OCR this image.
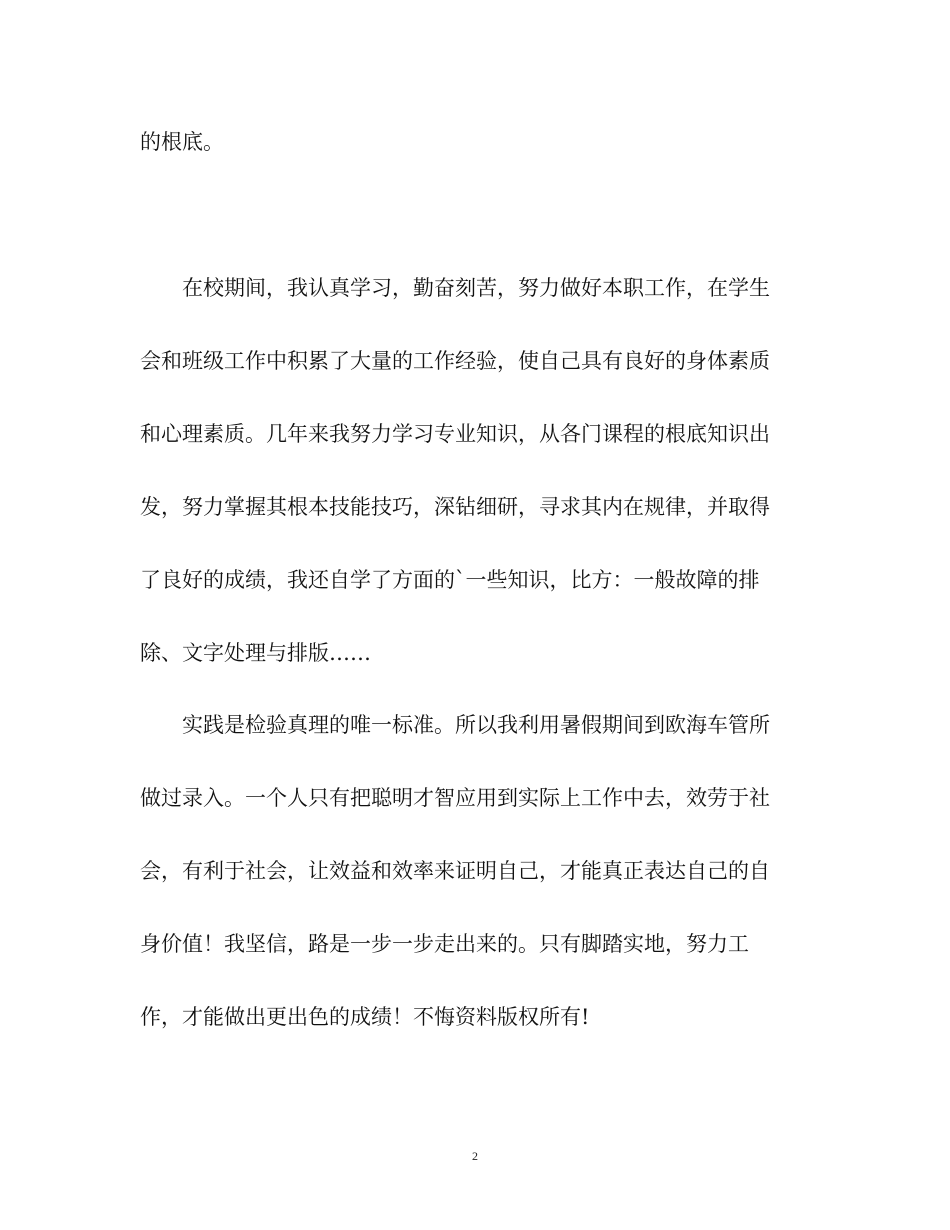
的根底。

在校期间，我认真学习，勤奋刻苦，努力做好本职工作，在学生

会和班级工作中积累了大量的工作经验，使自己具有良好的身体素质

和心理素质。几年来我努力学习专业知识，从各门课程的根底知识出

发，努力掌握其根本技能技巧，深钻细研，寻求其内在规律，并取得

了良好的成绩，我还自学了方面的`一些知识，比方：一般故障的排

除、文字处理与排版……

实践是检验真理的唯一标准。所以我利用暑假期间到欧海车管所

做过录入。一个人只有把聪明才智应用到实际上工作中去，效劳于社

会，有利于社会，让效益和效率来证明自己，才能真正表达自己的自

身价值！我坚信，路是一步一步走出来的。只有脚踏实地，努力工

作，才能做出更出色的成绩！不悔资料版权所有!

2
